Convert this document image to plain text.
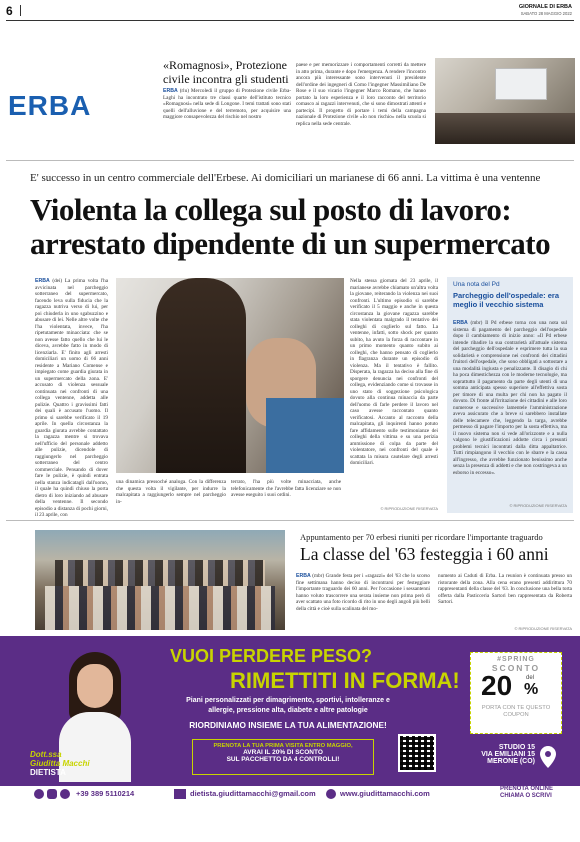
6	GIORNALE DI ERBA
SABATO 28 MAGGIO 2022
ERBA
«Romagnosi», Protezione civile incontra gli studenti
ERBA (rlu) Mercoledì il gruppo di Protezione civile Erba-Laghi ha incontrato tre classi quarte dell'istituto tecnico «Romagnosi» nella sede di Longone. I temi trattati sono stati quelli dell'alluvione e del terremoto, per acquisire una maggiore consapevolezza del rischio nel nostro
paese e per memorizzare i comportamenti corretti da mettere in atto prima, durante e dopo l'emergenza. A rendere l'incontro ancora più interessante sono intervenuti il presidente dell'ordine dei ingegneri di Como l'ingegner Massimiliano De Rose e il suo vicario l'ingegner Marco Romano, che hanno portato la loro esperienza e il loro racconto del territorio comasco ai ragazzi intervenuti, che si sono dimostrati attenti e partecipi. Il progetto di portare i temi della campagna nazionale di Protezione civile «Io non rischio» nella scuola si replica nella sede centrale.
E' successo in un centro commerciale dell'Erbese. Ai domiciliari un marianese di 66 anni. La vittima è una ventenne
Violenta la collega sul posto di lavoro:
arrestato dipendente di un supermercato
ERBA (dei) La prima volta l'ha avvicinata nel parcheggio sotterraneo del supermercato, facendo leva sulla fiducia che la ragazza nutriva verso di lui, per poi chiuderla in uno sgabuzzino e abusare di lei. Nelle altre volte che l'ha violentata, invece, l'ha ripetutamente minacciata: che se non avesse fatto quello che lui le diceva, avrebbe fatto in modo di licenziarla. E' finito agli arresti domiciliari un uomo di 66 anni residente a Mariano Comense e impiegato come guardia giurata in un supermercato della zona. E' accusato di violenza sessuale continuata nei confronti di una collega ventenne, addetta alle pulizie. Quattro i gravissimi fatti dei quali è accusato l'uomo. Il primo si sarebbe verificato il 19 aprile. In quella circostanza la guardia giurata avrebbe contattato la ragazza mentre si trovava nell'ufficio del personale addetto alle pulizie, dicendole di raggiungerlo nel parcheggio sotterraneo del centro commerciale. Pensando di dover fare le pulizie, è quindi entrata nella stanza indicatagli dall'uomo, il quale ha quindi chiuso la porta dietro di loro iniziando ad abusare della ventenne. Il secondo episodio a distanza di pochi giorni, il 23 aprile, con
una dinamica pressoché analoga. Con la differenza che questa volta il vigilante, per indurre la malcapitata a raggiungerlo sempre nel parcheggio in-
terrato, l'ha più volte minacciata, anche telefonicamente che l'avrebbe fatta licenziare se non avesse eseguito i suoi ordini.
Nella stessa giornata del 23 aprile, il marianese avrebbe chiamato un'altra volta la giovane, reiterando la violenza nei suoi confronti. L'ultimo episodio si sarebbe verificato il 5 maggio e anche in questa circostanza la giovane ragazza sarebbe stata violentata malgrado il tentativo dei colleghi di coglierlo sul fatto. La ventenne, infatti, sotto shock per quanto subito, ha avuto la forza di raccontare in un primo momento quanto subito ai colleghi, che hanno pensato di coglierlo in flagranza durante un episodio di violenza. Ma il tentativo è fallito. Disperata, la ragazza ha deciso alla fine di sporgere denuncia nei confronti del collega, evidenziando come si trovasse in uno stato di soggezione psicologica dovuto alla continua minaccia da parte dell'uomo di farle perdere il lavoro nel caso avesse raccontato quanto verificatosi. Accanto al racconto della malcapitata, gli inquirenti hanno potuto fare affidamento sulle testimonianze dei colleghi della vittima e su una perizia ammissione di colpa da parte del violentatore, nei confronti del quale è scattata la misura cautelare degli arresti domiciliari.
© RIPRODUZIONE RISERVATA
Una nota del Pd
Parcheggio dell'ospedale: era meglio il vecchio sistema
ERBA (mbr) Il Pd erbese torna con una nota sul sistema di pagamento del parcheggio dell'ospedale dopo il cambiamento di inizio anno: «Il Pd erbese intende ribadire la sua contrarietà all'attuale sistema del parcheggio dell'ospedale e esprimere tutta la sua solidarietà e comprensione nei confronti dei cittadini fruitori dell'ospedale, che sono obbligati a sottostare a una modalità ingiusta e penalizzante. Il disagio di chi ha poca dimestichezza con le moderne tecnologie, ma soprattutto il pagamento da parte degli utenti di una somma anticipata spesso superiore all'effettiva sosta per timore di una multa per chi non ha pagato il dovuto. Di fronte all'irritazione dei cittadini e alle loro numerose e successive lamentele l'amministrazione aveva assicurato che a breve si sarebbero installate delle telecamere che, leggendo la targa, avrebbe permesso di pagare l'importo per la sosta effettiva, ma il nuovo sistema non si vede all'orizzonte e a nulla valgono le giustificazioni addotte circa i presunti problemi tecnici incontrati dalla ditta appaltatrice. Tutti rimpiangono il vecchio con le sbarre e la cassa all'ingresso, che avrebbe funzionato benissimo anche senza la presenza di addetti e che non costringeva a un esborso in eccesso».
© RIPRODUZIONE RISERVATA
Appuntamento per 70 erbesi riuniti per ricordare l'importante traguardo
La classe del '63 festeggia i 60 anni
ERBA (mbr) Grande festa per i «ragazzi» del '63 che lo scorso fine settimana hanno deciso di incontrarsi per festeggiare l'importante traguardo dei 60 anni. Per l'occasione i sessantenni hanno voluto trascorrere una serata insieme non prima però di aver scattato una foto ricordo di rito in uno degli angoli più belli della città e cioè sulla scalinata del mo-
numento ai Caduti di Erba. La reunion è continuata presso un ristorante della zona. Alla cena erano presenti addirittura 70 rappresentanti della classe del '63. In conclusione una bella torta offerta dalla Pasticceria Sartori ben rappresentata da Roberta Sartori.
© RIPRODUZIONE RISERVATA
Dott.ssa
Giuditta Macchi
DIETISTA
VUOI PERDERE PESO?
RIMETTITI IN FORMA!
Piani personalizzati per dimagrimento, sportivi, intolleranze e allergie, pressione alta, diabete e altre patologie
RIORDINIAMO INSIEME LA TUA ALIMENTAZIONE!
PRENOTA LA TUA PRIMA VISITA ENTRO MAGGIO,
AVRAI IL 20% DI SCONTO
SUL PACCHETTO DA 4 CONTROLLI!
#SPRING
SCONTO
20 del
%
PORTA CON TE QUESTO COUPON
STUDIO 15
VIA EMILIANI 15
MERONE (CO)
+39 389 5110214	dietista.giudittamacchi@gmail.com	www.giudittamacchi.com	PRENOTA ONLINE
CHIAMA O SCRIVI
